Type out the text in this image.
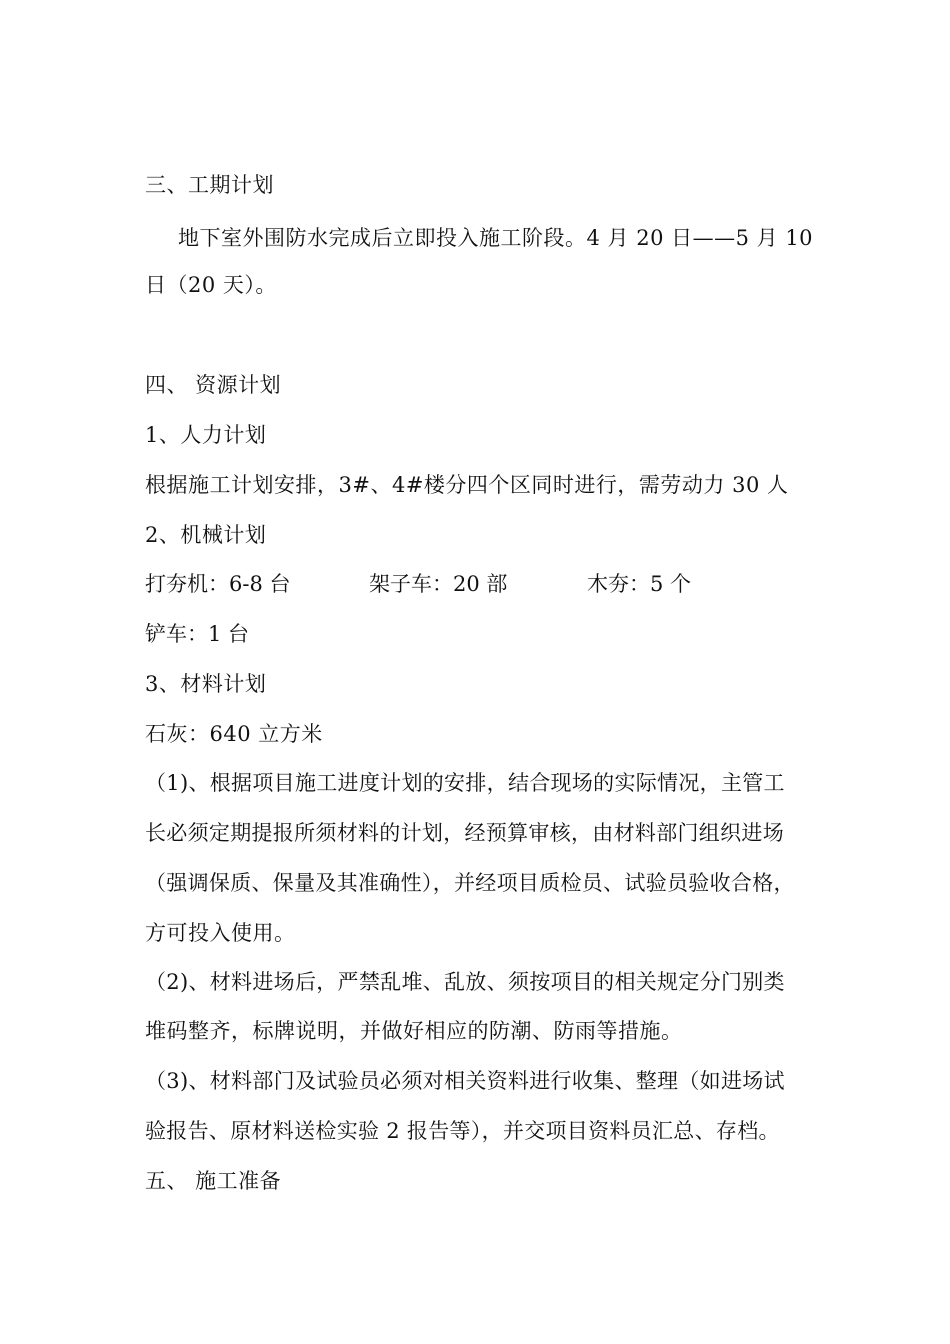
三、工期计划
地下室外围防水完成后立即投入施工阶段。4 月 20 日——5 月 10
日（20 天）。
四、 资源计划
1、人力计划
根据施工计划安排，3#、4#楼分四个区同时进行，需劳动力 30 人
2、机械计划
打夯机：6-8 台	架子车：20 部	木夯：5 个
铲车：1 台
3、材料计划
石灰：640 立方米
（1)、根据项目施工进度计划的安排，结合现场的实际情况，主管工
长必须定期提报所须材料的计划，经预算审核，由材料部门组织进场
（强调保质、保量及其准确性），并经项目质检员、试验员验收合格，
方可投入使用。
（2)、材料进场后，严禁乱堆、乱放、须按项目的相关规定分门别类
堆码整齐，标牌说明，并做好相应的防潮、防雨等措施。
（3)、材料部门及试验员必须对相关资料进行收集、整理（如进场试
验报告、原材料送检实验 2 报告等），并交项目资料员汇总、存档。
五、 施工准备
